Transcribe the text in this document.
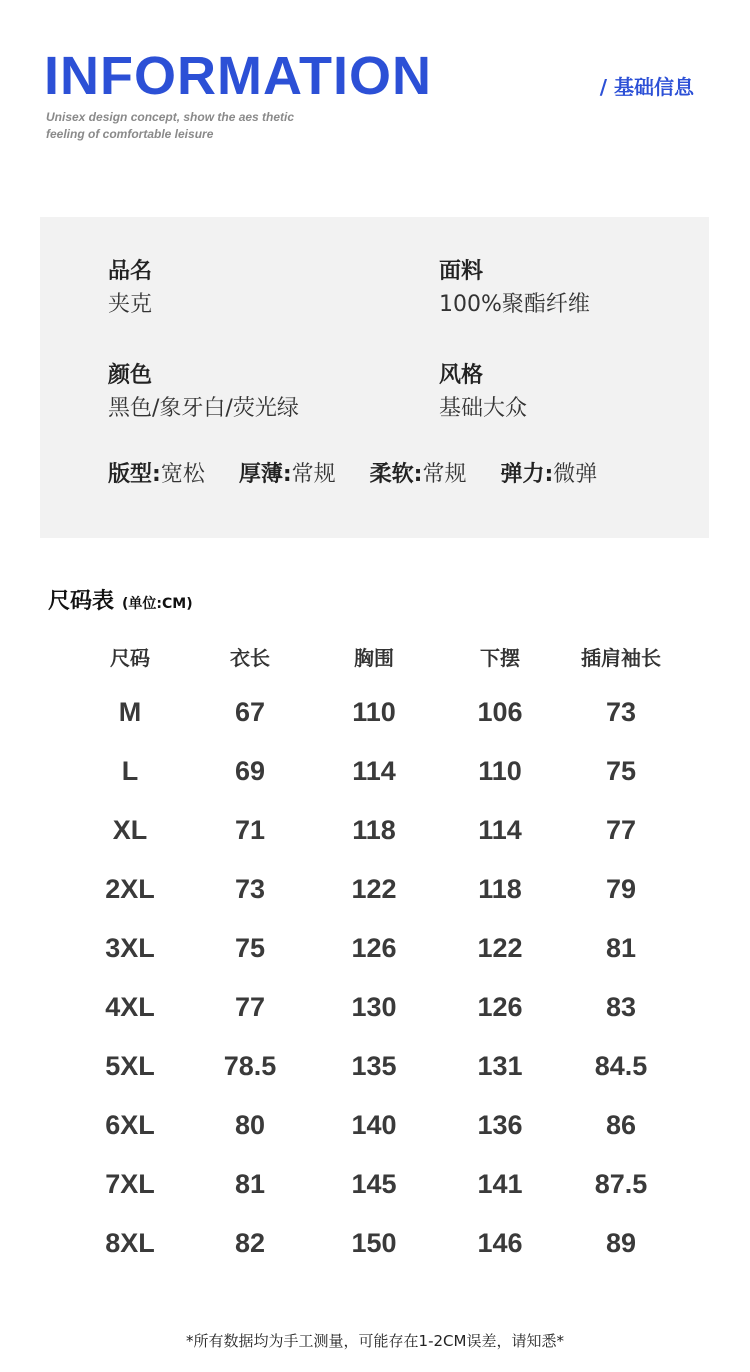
INFORMATION
Unisex design concept, show the aes thetic
feeling of comfortable leisure
/ 基础信息
品名
夹克
面料
100%聚酯纤维
颜色
黑色/象牙白/荧光绿
风格
基础大众
版型:宽松 厚薄:常规 柔软:常规 弹力:微弹
尺码表 (单位:CM)
尺码	衣长	胸围	下摆	插肩袖长
M	67	110	106	73
L	69	114	110	75
XL	71	118	114	77
2XL	73	122	118	79
3XL	75	126	122	81
4XL	77	130	126	83
5XL	78.5	135	131	84.5
6XL	80	140	136	86
7XL	81	145	141	87.5
8XL	82	150	146	89
*所有数据均为手工测量，可能存在1-2CM误差，请知悉*
